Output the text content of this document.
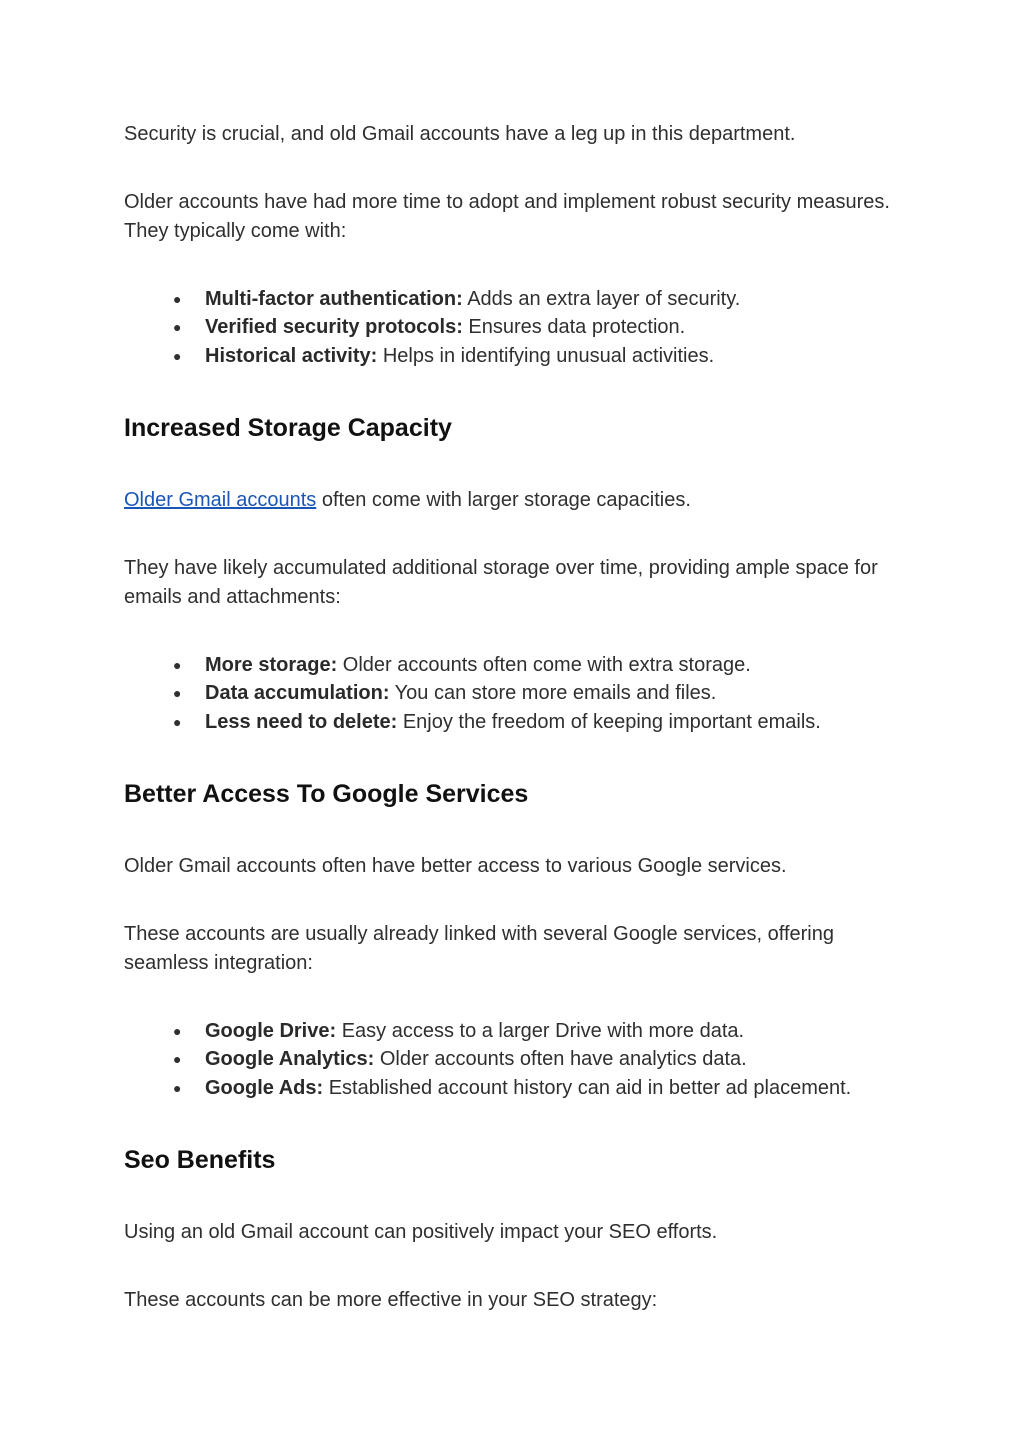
Security is crucial, and old Gmail accounts have a leg up in this department.

Older accounts have had more time to adopt and implement robust security measures. They typically come with:

● Multi-factor authentication: Adds an extra layer of security.
● Verified security protocols: Ensures data protection.
● Historical activity: Helps in identifying unusual activities.
Increased Storage Capacity

Older Gmail accounts often come with larger storage capacities.

They have likely accumulated additional storage over time, providing ample space for emails and attachments:

● More storage: Older accounts often come with extra storage.
● Data accumulation: You can store more emails and files.
● Less need to delete: Enjoy the freedom of keeping important emails.
Better Access To Google Services

Older Gmail accounts often have better access to various Google services.

These accounts are usually already linked with several Google services, offering seamless integration:

● Google Drive: Easy access to a larger Drive with more data.
● Google Analytics: Older accounts often have analytics data.
● Google Ads: Established account history can aid in better ad placement.
Seo Benefits

Using an old Gmail account can positively impact your SEO efforts.

These accounts can be more effective in your SEO strategy:
